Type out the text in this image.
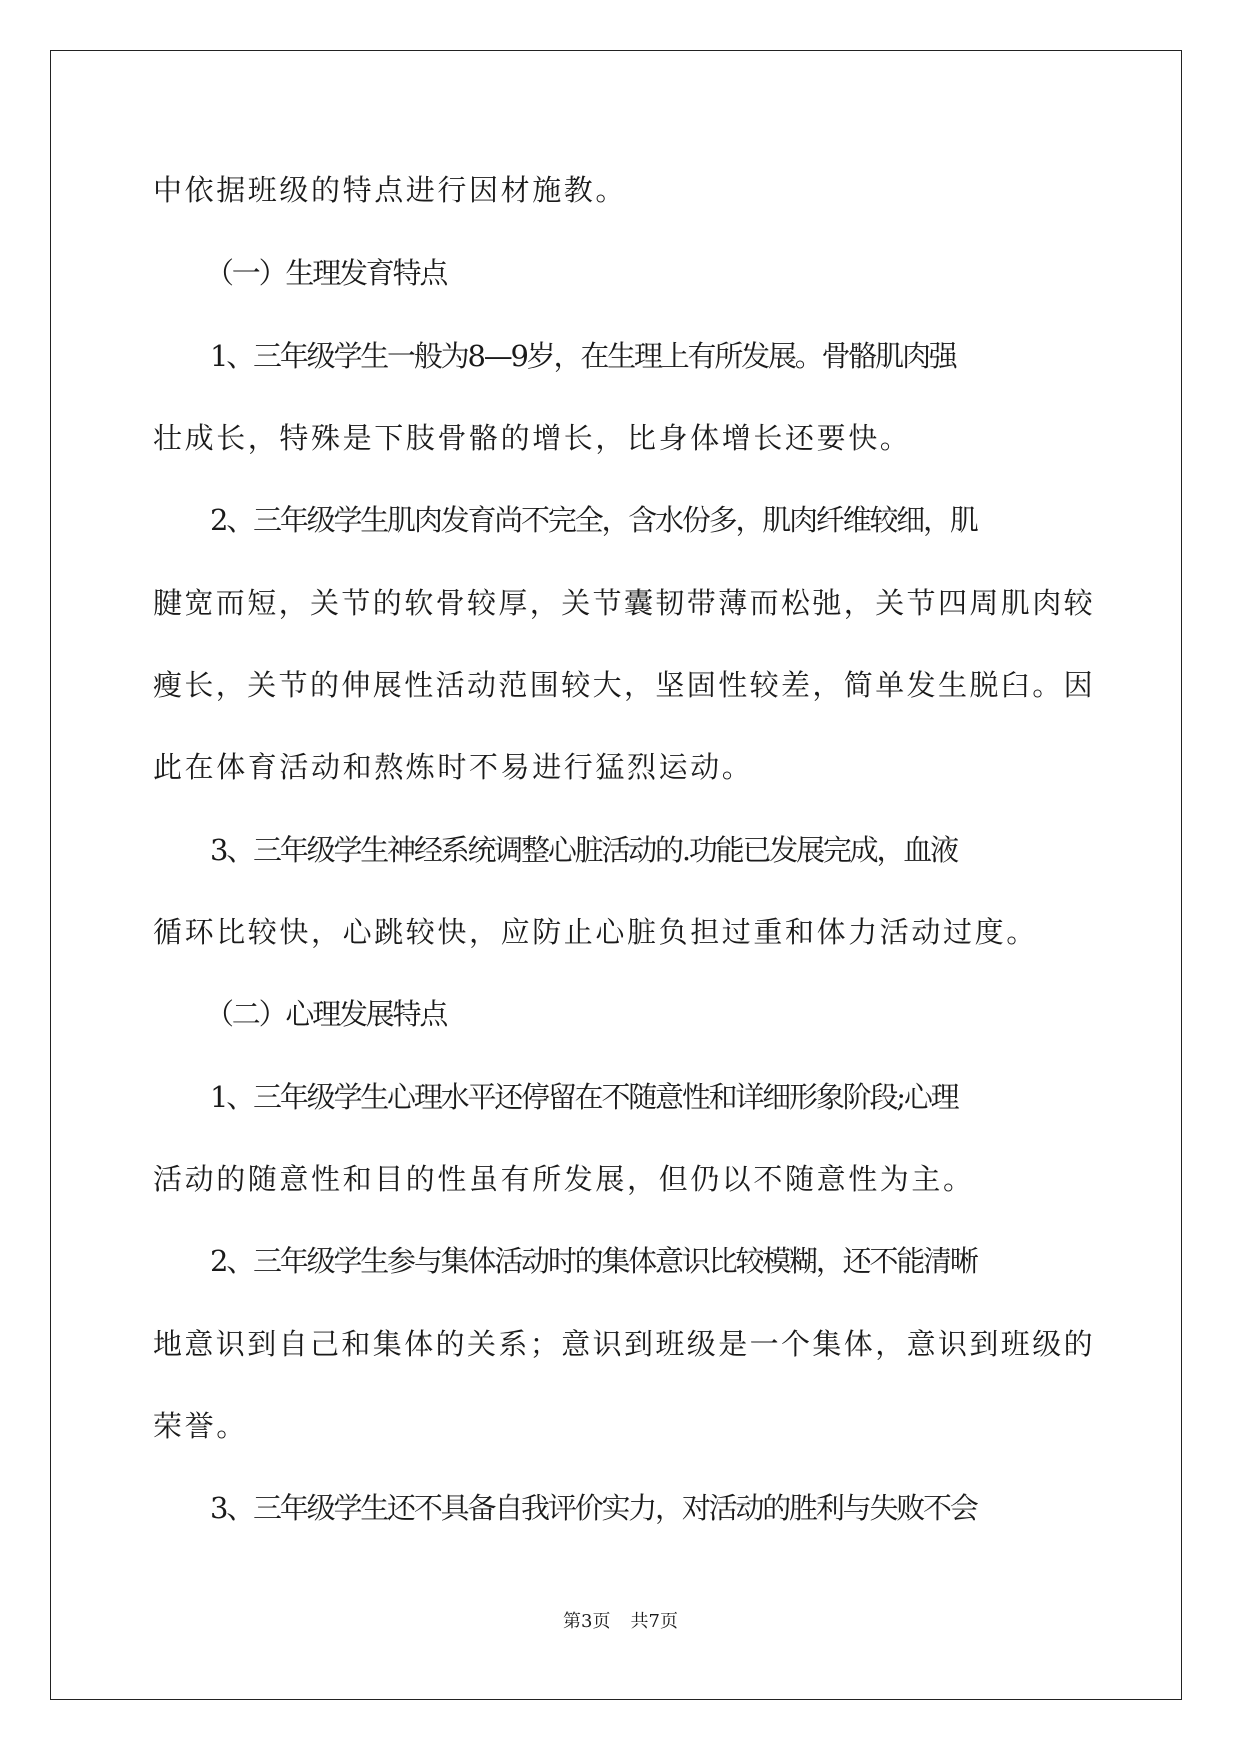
中依据班级的特点进行因材施教。
（一）生理发育特点
1、三年级学生一般为8—9岁，在生理上有所发展。骨骼肌肉强
壮成长，特殊是下肢骨骼的增长，比身体增长还要快。
2、三年级学生肌肉发育尚不完全，含水份多，肌肉纤维较细，肌
腱宽而短，关节的软骨较厚，关节囊韧带薄而松弛，关节四周肌肉较
瘦长，关节的伸展性活动范围较大，坚固性较差，简单发生脱臼。因
此在体育活动和熬炼时不易进行猛烈运动。
3、三年级学生神经系统调整心脏活动的.功能已发展完成，血液
循环比较快，心跳较快，应防止心脏负担过重和体力活动过度。
（二）心理发展特点
1、三年级学生心理水平还停留在不随意性和详细形象阶段;心理
活动的随意性和目的性虽有所发展，但仍以不随意性为主。
2、三年级学生参与集体活动时的集体意识比较模糊，还不能清晰
地意识到自己和集体的关系；意识到班级是一个集体，意识到班级的
荣誉。
3、三年级学生还不具备自我评价实力，对活动的胜利与失败不会
第3页 共7页
